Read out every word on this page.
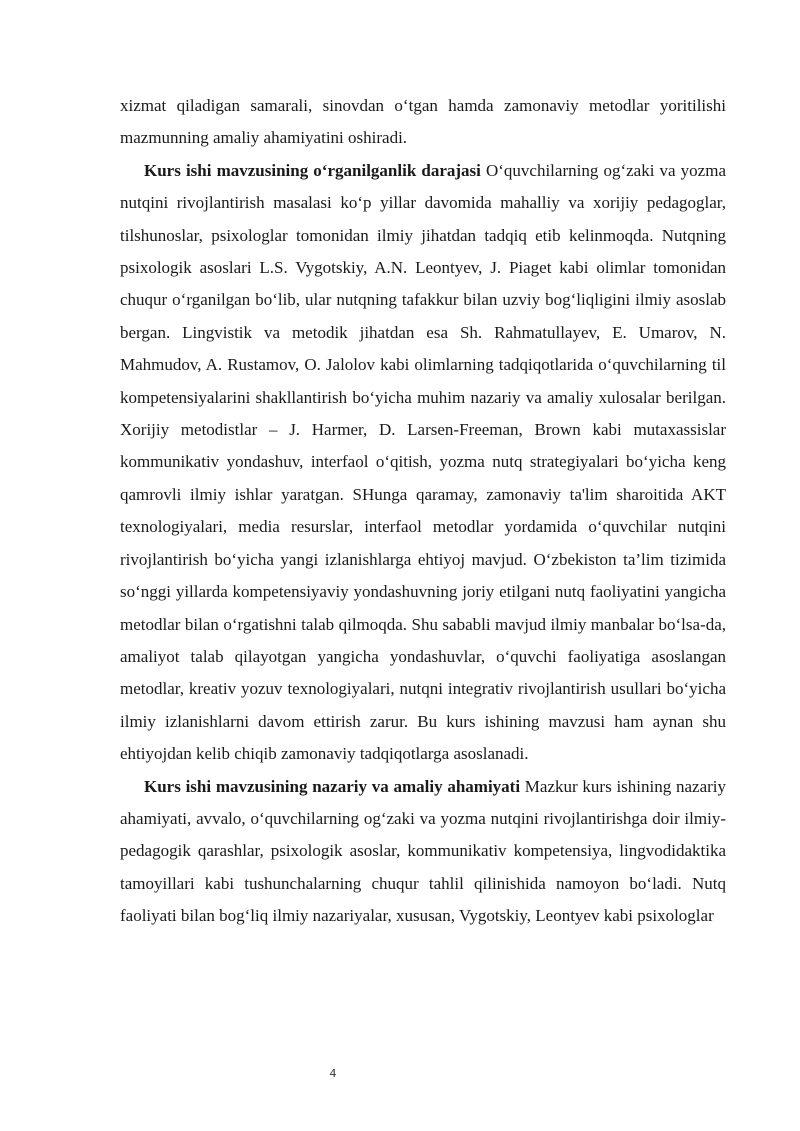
xizmat qiladigan samarali, sinovdan o‘tgan hamda zamonaviy metodlar yoritilishi mazmunning amaliy ahamiyatini oshiradi.

Kurs ishi mavzusining o‘rganilganlik darajasi O‘quvchilarning og‘zaki va yozma nutqini rivojlantirish masalasi ko‘p yillar davomida mahalliy va xorijiy pedagoglar, tilshunoslar, psixologlar tomonidan ilmiy jihatdan tadqiq etib kelinmoqda. Nutqning psixologik asoslari L.S. Vygotskiy, A.N. Leontyev, J. Piaget kabi olimlar tomonidan chuqur o‘rganilgan bo‘lib, ular nutqning tafakkur bilan uzviy bog‘liqligini ilmiy asoslab bergan. Lingvistik va metodik jihatdan esa Sh. Rahmatullayev, E. Umarov, N. Mahmudov, A. Rustamov, O. Jalolov kabi olimlarning tadqiqotlarida o‘quvchilarning til kompetensiyalarini shakllantirish bo‘yicha muhim nazariy va amaliy xulosalar berilgan. Xorijiy metodistlar – J. Harmer, D. Larsen-Freeman, Brown kabi mutaxassislar kommunikativ yondashuv, interfaol o‘qitish, yozma nutq strategiyalari bo‘yicha keng qamrovli ilmiy ishlar yaratgan. SHunga qaramay, zamonaviy ta'lim sharoitida AKT texnologiyalari, media resurslar, interfaol metodlar yordamida o‘quvchilar nutqini rivojlantirish bo‘yicha yangi izlanishlarga ehtiyoj mavjud. O‘zbekiston ta’lim tizimida so‘nggi yillarda kompetensiyaviy yondashuvning joriy etilgani nutq faoliyatini yangicha metodlar bilan o‘rgatishni talab qilmoqda. Shu sababli mavjud ilmiy manbalar bo‘lsa-da, amaliyot talab qilayotgan yangicha yondashuvlar, o‘quvchi faoliyatiga asoslangan metodlar, kreativ yozuv texnologiyalari, nutqni integrativ rivojlantirish usullari bo‘yicha ilmiy izlanishlarni davom ettirish zarur. Bu kurs ishining mavzusi ham aynan shu ehtiyojdan kelib chiqib zamonaviy tadqiqotlarga asoslanadi.

Kurs ishi mavzusining nazariy va amaliy ahamiyati Mazkur kurs ishining nazariy ahamiyati, avvalo, o‘quvchilarning og‘zaki va yozma nutqini rivojlantirishga doir ilmiy-pedagogik qarashlar, psixologik asoslar, kommunikativ kompetensiya, lingvodidaktika tamoyillari kabi tushunchalarning chuqur tahlil qilinishida namoyon bo‘ladi. Nutq faoliyati bilan bog‘liq ilmiy nazariyalar, xususan, Vygotskiy, Leontyev kabi psixologlar

4
